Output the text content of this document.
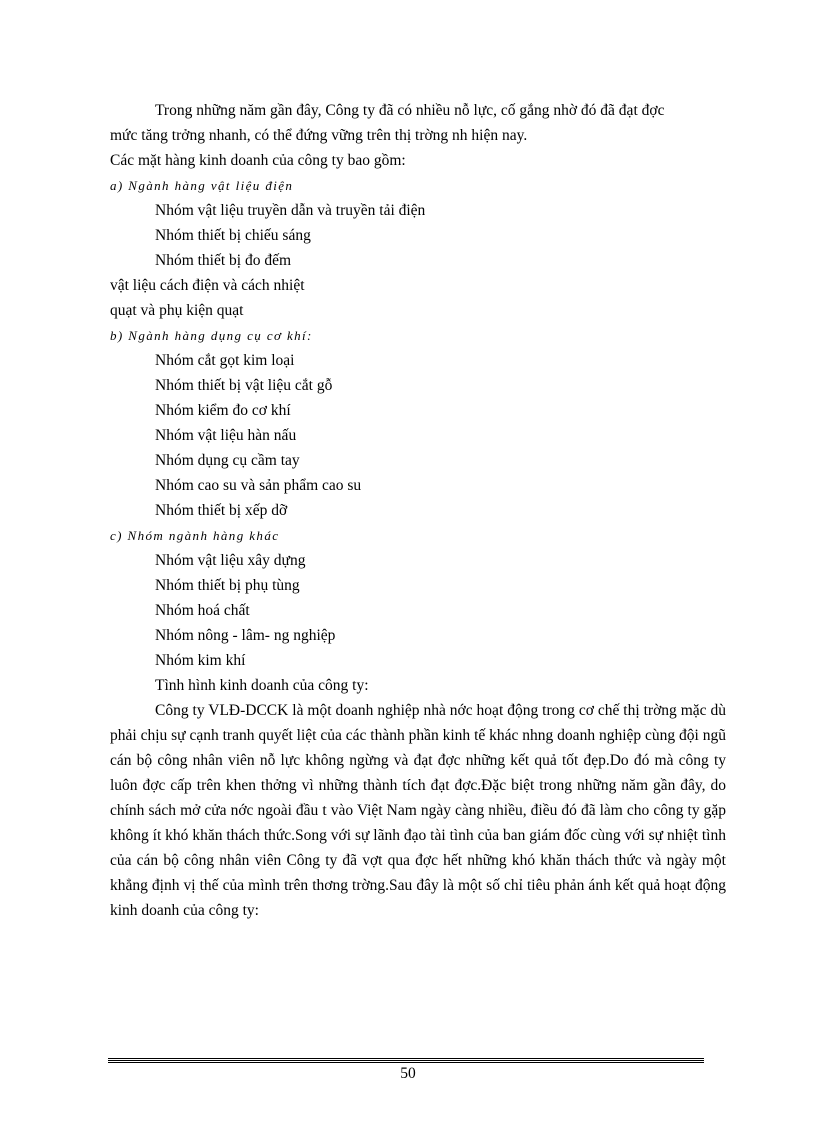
Trong những năm gần đây, Công ty đã có nhiều nỗ lực, cố gắng nhờ đó đã đạt đợc
mức tăng trởng nhanh, có thể đứng vững trên thị trờng nh hiện nay.
Các mặt hàng kinh doanh của công ty bao gồm:
a) Ngành hàng vật liệu điện
Nhóm vật liệu truyền dẫn và truyền tải điện
Nhóm thiết bị chiếu sáng
Nhóm thiết bị đo đếm
vật liệu cách điện và cách nhiệt
quạt và phụ kiện quạt
b) Ngành hàng dụng cụ cơ khí:
Nhóm cắt gọt kim loại
Nhóm thiết bị vật liệu cắt gỗ
Nhóm kiểm đo cơ khí
Nhóm vật liệu hàn nấu
Nhóm dụng cụ cầm tay
Nhóm cao su và sản phẩm cao su
Nhóm thiết bị xếp dỡ
c) Nhóm ngành hàng khác
Nhóm vật liệu xây dựng
Nhóm thiết bị phụ tùng
Nhóm hoá chất
Nhóm nông - lâm- ng nghiệp
Nhóm kim khí
Tình hình kinh doanh của công ty:
Công ty VLĐ-DCCK là một doanh nghiệp nhà nớc hoạt động trong cơ chế thị trờng mặc dù phải chịu sự cạnh tranh quyết liệt của các thành phần kinh tế khác nhng doanh nghiệp cùng đội ngũ cán bộ công nhân viên nỗ lực không ngừng và đạt đợc những kết quả tốt đẹp.Do đó mà công ty luôn đợc cấp trên khen thởng vì những thành tích đạt đợc.Đặc biệt trong những năm gần đây, do chính sách mở cửa nớc ngoài đầu t vào Việt Nam ngày càng nhiều, điều đó đã làm cho công ty gặp không ít khó khăn thách thức.Song với sự lãnh đạo tài tình của ban giám đốc cùng với sự nhiệt tình của cán bộ công nhân viên Công ty đã vợt qua đợc hết những khó khăn thách thức và ngày một khẳng định vị thế của mình trên thơng trờng.Sau đây là một số chỉ tiêu phản ánh kết quả hoạt động kinh doanh của công ty:
50
